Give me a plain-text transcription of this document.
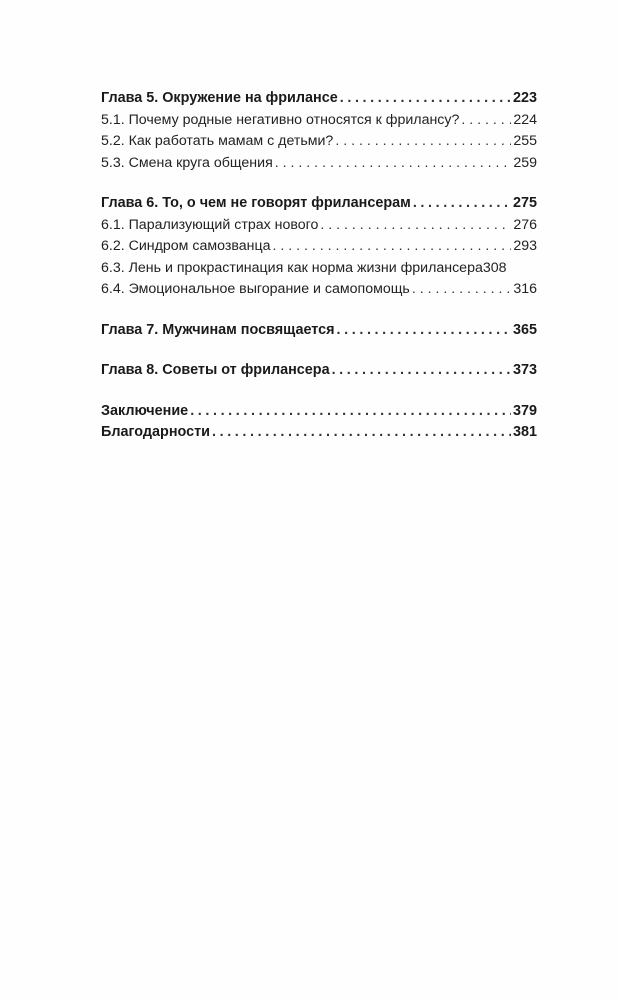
Глава 5. Окружение на фрилансе .....	223
5.1. Почему родные негативно относятся к фрилансу? . . .	224
5.2. Как работать мамам с детьми? . . .	255
5.3. Смена круга общения . . .	259
Глава 6. То, о чем не говорят фрилансерам .....	275
6.1. Парализующий страх нового . . .	276
6.2. Синдром самозванца . . .	293
6.3. Лень и прокрастинация как норма жизни фрилансера 308
6.4. Эмоциональное выгорание и самопомощь . . .	316
Глава 7. Мужчинам посвящается .....	365
Глава 8. Советы от фрилансера .....	373
Заключение .....	379
Благодарности .....	381
